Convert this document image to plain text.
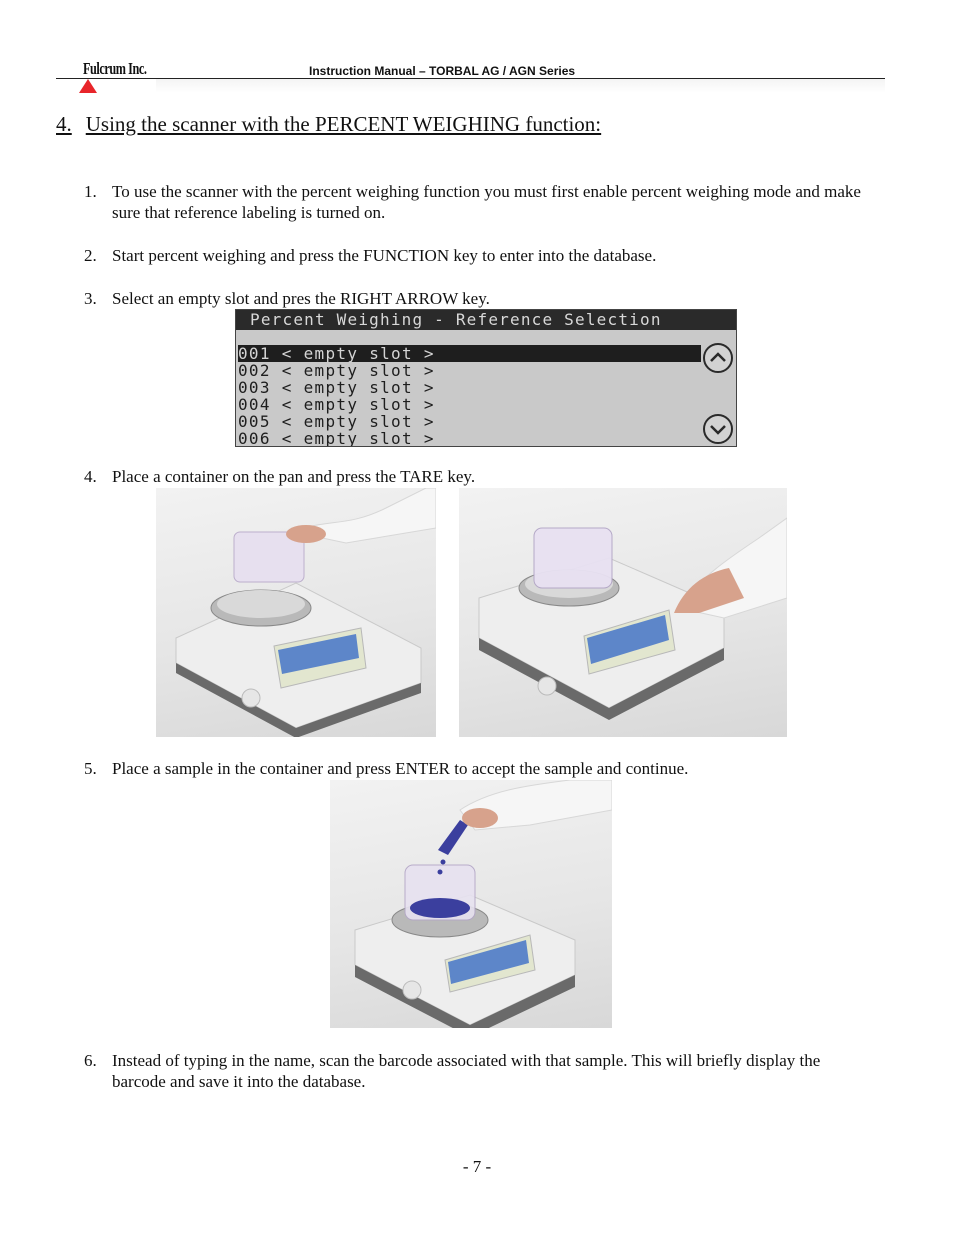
Fulcrum Inc.	Instruction Manual – TORBAL AG / AGN Series
4. Using the scanner with the PERCENT WEIGHING function:
1. To use the scanner with the percent weighing function you must first enable percent weighing mode and make sure that reference labeling is turned on.
2. Start percent weighing and press the FUNCTION key to enter into the database.
3. Select an empty slot and pres the RIGHT ARROW key.
Percent Weighing - Reference Selection
001 < empty slot >
002 < empty slot >
003 < empty slot >
004 < empty slot >
005 < empty slot >
006 < empty slot >
4. Place a container on the pan and press the TARE key.
5. Place a sample in the container and press ENTER to accept the sample and continue.
6. Instead of typing in the name, scan the barcode associated with that sample. This will briefly display the barcode and save it into the database.
- 7 -
